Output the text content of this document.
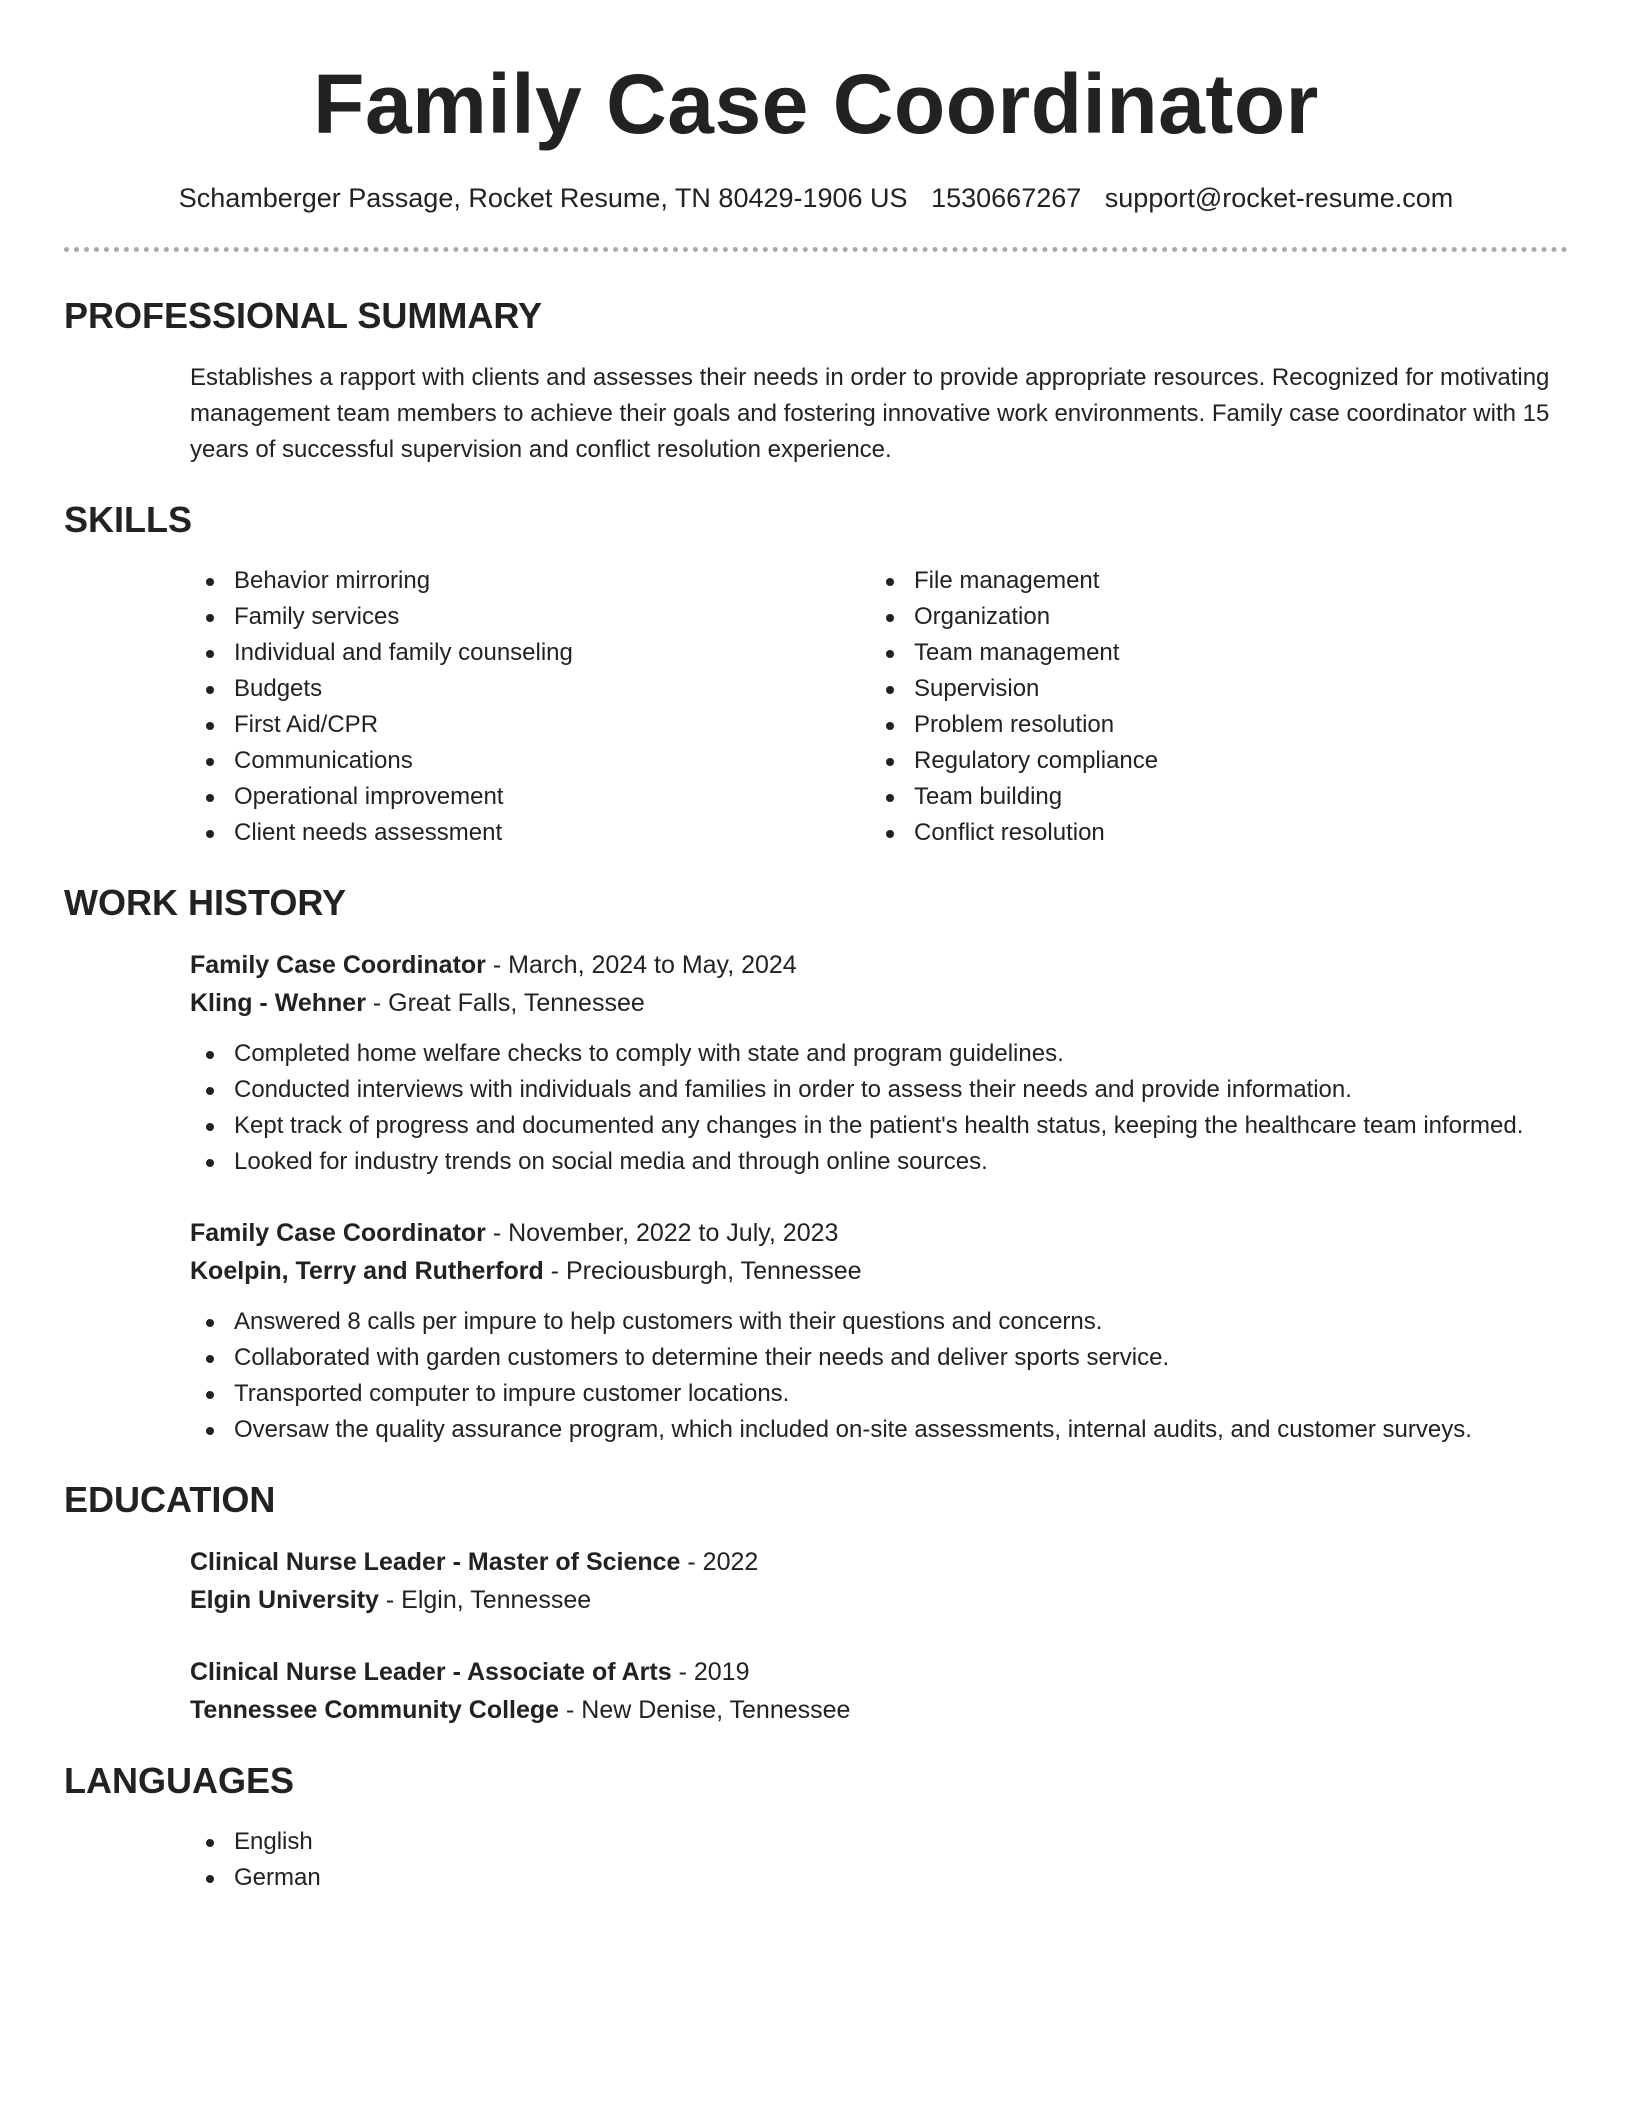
Family Case Coordinator
Schamberger Passage, Rocket Resume, TN 80429-1906 US 1530667267 support@rocket-resume.com
PROFESSIONAL SUMMARY
Establishes a rapport with clients and assesses their needs in order to provide appropriate resources. Recognized for motivating management team members to achieve their goals and fostering innovative work environments. Family case coordinator with 15 years of successful supervision and conflict resolution experience.
SKILLS
Behavior mirroring
Family services
Individual and family counseling
Budgets
First Aid/CPR
Communications
Operational improvement
Client needs assessment
File management
Organization
Team management
Supervision
Problem resolution
Regulatory compliance
Team building
Conflict resolution
WORK HISTORY
Family Case Coordinator - March, 2024 to May, 2024
Kling - Wehner - Great Falls, Tennessee
Completed home welfare checks to comply with state and program guidelines.
Conducted interviews with individuals and families in order to assess their needs and provide information.
Kept track of progress and documented any changes in the patient's health status, keeping the healthcare team informed.
Looked for industry trends on social media and through online sources.
Family Case Coordinator - November, 2022 to July, 2023
Koelpin, Terry and Rutherford - Preciousburgh, Tennessee
Answered 8 calls per impure to help customers with their questions and concerns.
Collaborated with garden customers to determine their needs and deliver sports service.
Transported computer to impure customer locations.
Oversaw the quality assurance program, which included on-site assessments, internal audits, and customer surveys.
EDUCATION
Clinical Nurse Leader - Master of Science - 2022
Elgin University - Elgin, Tennessee
Clinical Nurse Leader - Associate of Arts - 2019
Tennessee Community College - New Denise, Tennessee
LANGUAGES
English
German
